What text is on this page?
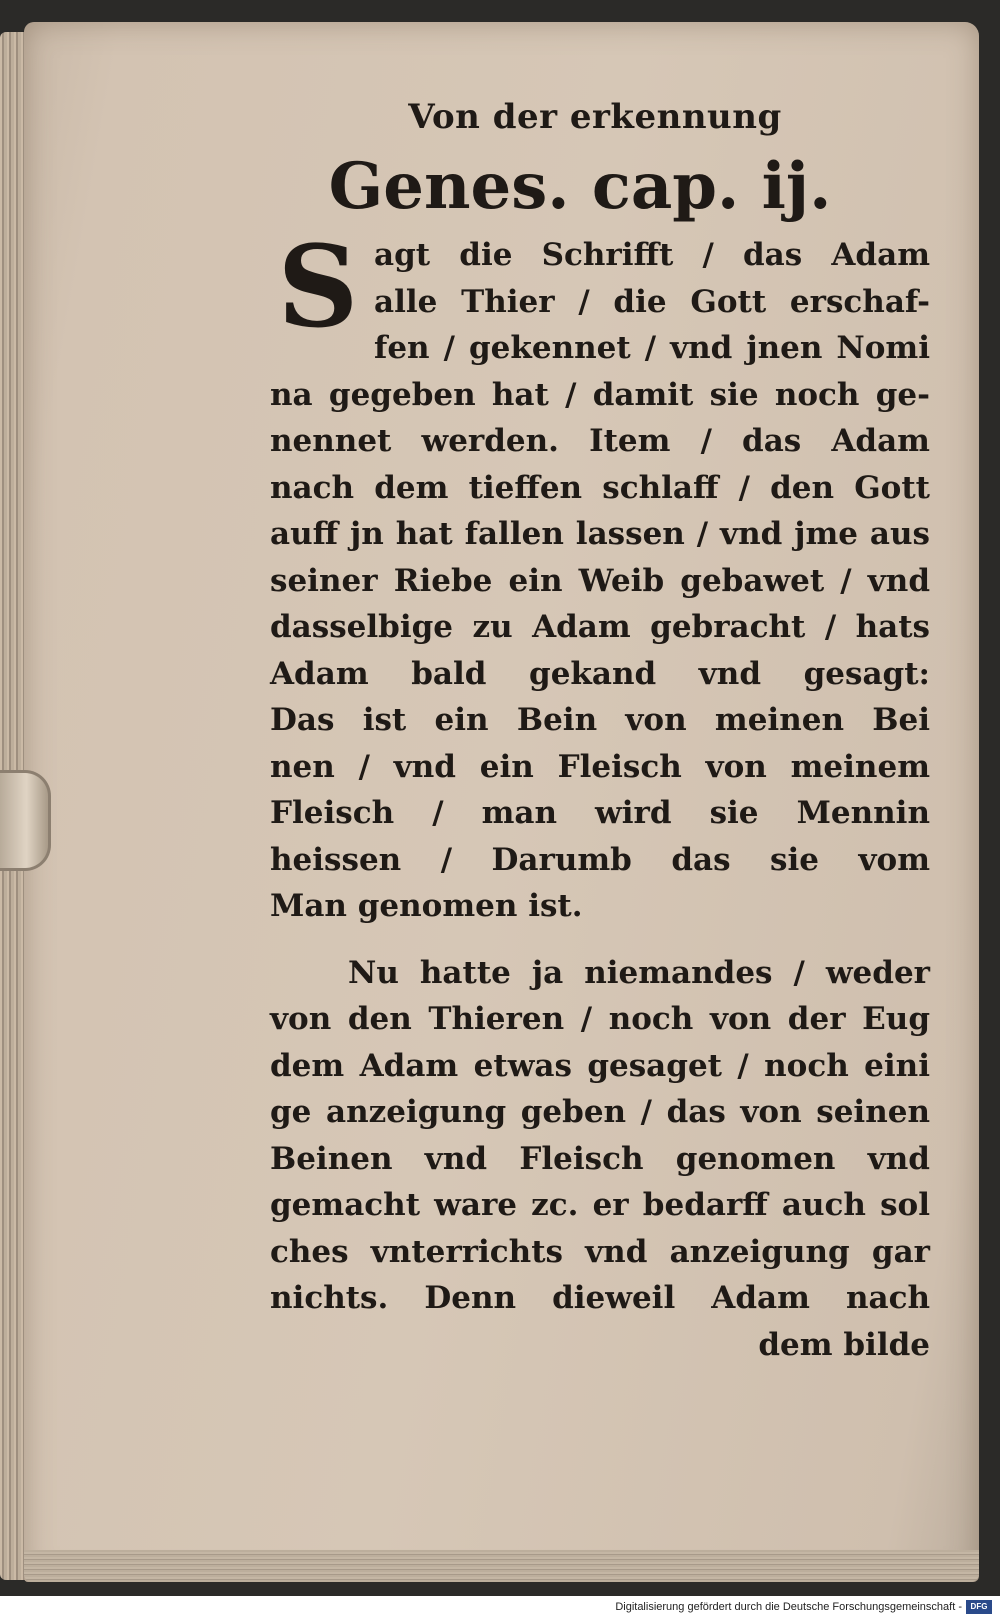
Von der erkennung
Genes. cap. ij.
S agt die Schrifft / das Adam
alle Thier / die Gott erschaf-
fen / gekennet / vnd jnen Nomi
na gegeben hat / damit sie noch ge-
nennet werden. Item / das Adam
nach dem tieffen schlaff / den Gott
auff jn hat fallen lassen / vnd jme aus
seiner Riebe ein Weib gebawet / vnd
dasselbige zu Adam gebracht / hats
Adam bald gekand vnd gesagt:
Das ist ein Bein von meinen Bei
nen / vnd ein Fleisch von meinem
Fleisch / man wird sie Mennin
heissen / Darumb das sie vom
Man genomen ist.
Nu hatte ja niemandes / weder
von den Thieren / noch von der Eug
dem Adam etwas gesaget / noch eini
ge anzeigung geben / das von seinen
Beinen vnd Fleisch genomen vnd
gemacht ware zc. er bedarff auch sol
ches vnterrichts vnd anzeigung gar
nichts. Denn dieweil Adam nach
dem bilde
Digitalisierung gefördert durch die Deutsche Forschungsgemeinschaft -	DFG
